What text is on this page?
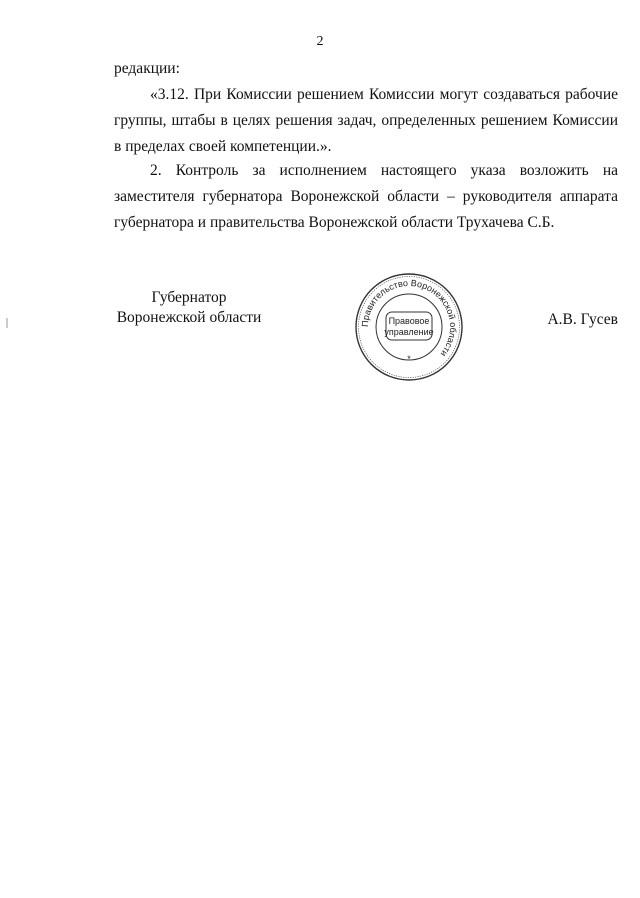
2

редакции:

«3.12. При Комиссии решением Комиссии могут создаваться рабочие группы, штабы в целях решения задач, определенных решением Комиссии в пределах своей компетенции.».

2. Контроль за исполнением настоящего указа возложить на заместителя губернатора Воронежской области – руководителя аппарата губернатора и правительства Воронежской области Трухачева С.Б.

Губернатор
Воронежской области	Правительство Воронежской области
Правовое
управление
*
А.В. Гусев
